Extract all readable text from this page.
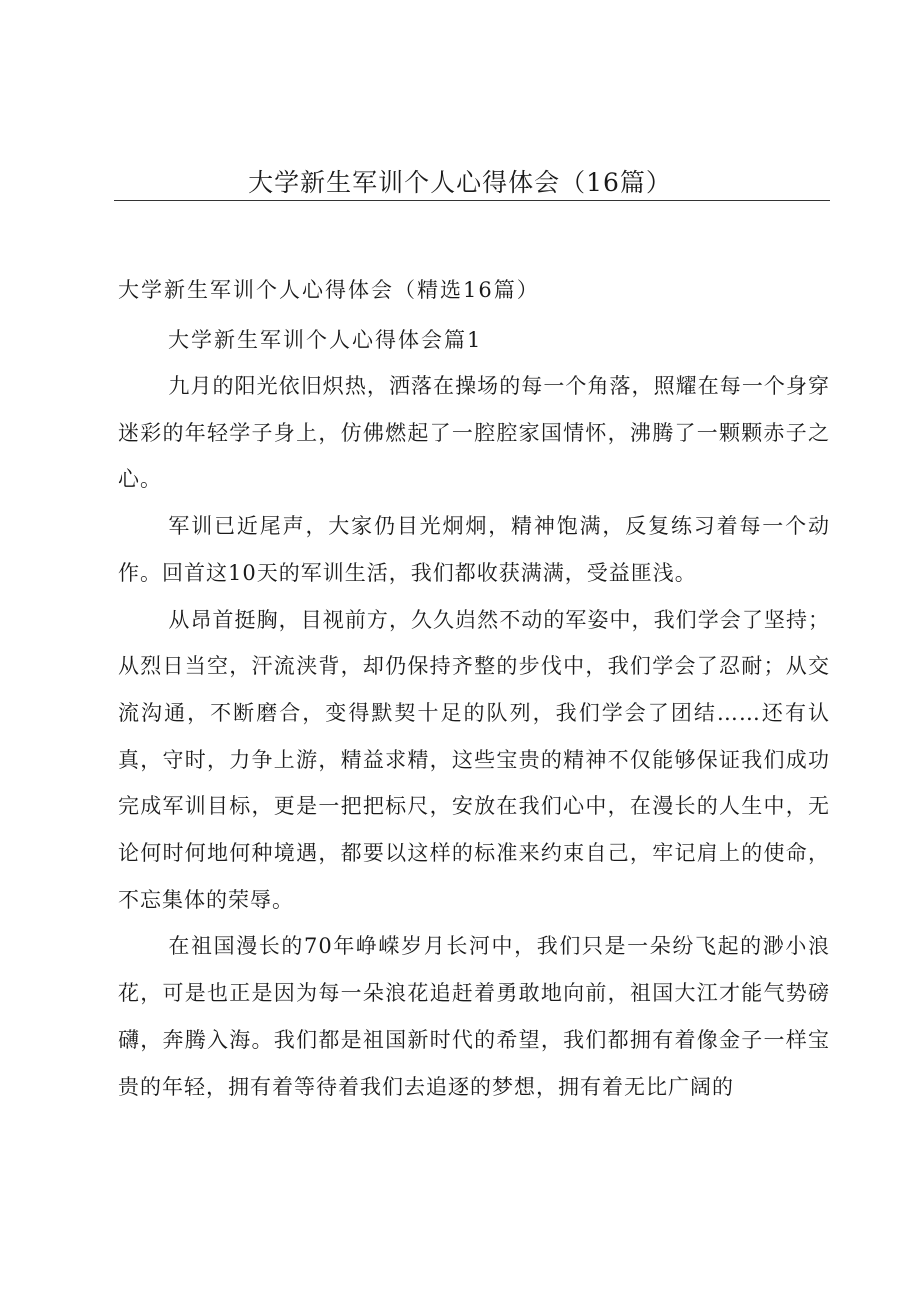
大学新生军训个人心得体会（16篇）
大学新生军训个人心得体会（精选16篇）
大学新生军训个人心得体会篇1

九月的阳光依旧炽热，洒落在操场的每一个角落，照耀在每一个身穿迷彩的年轻学子身上，仿佛燃起了一腔腔家国情怀，沸腾了一颗颗赤子之心。

军训已近尾声，大家仍目光炯炯，精神饱满，反复练习着每一个动作。回首这10天的军训生活，我们都收获满满，受益匪浅。

从昂首挺胸，目视前方，久久岿然不动的军姿中，我们学会了坚持；从烈日当空，汗流浃背，却仍保持齐整的步伐中，我们学会了忍耐；从交流沟通，不断磨合，变得默契十足的队列，我们学会了团结……还有认真，守时，力争上游，精益求精，这些宝贵的精神不仅能够保证我们成功完成军训目标，更是一把把标尺，安放在我们心中，在漫长的人生中，无论何时何地何种境遇，都要以这样的标准来约束自己，牢记肩上的使命，不忘集体的荣辱。

在祖国漫长的70年峥嵘岁月长河中，我们只是一朵纷飞起的渺小浪花，可是也正是因为每一朵浪花追赶着勇敢地向前，祖国大江才能气势磅礴，奔腾入海。我们都是祖国新时代的希望，我们都拥有着像金子一样宝贵的年轻，拥有着等待着我们去追逐的梦想，拥有着无比广阔的
